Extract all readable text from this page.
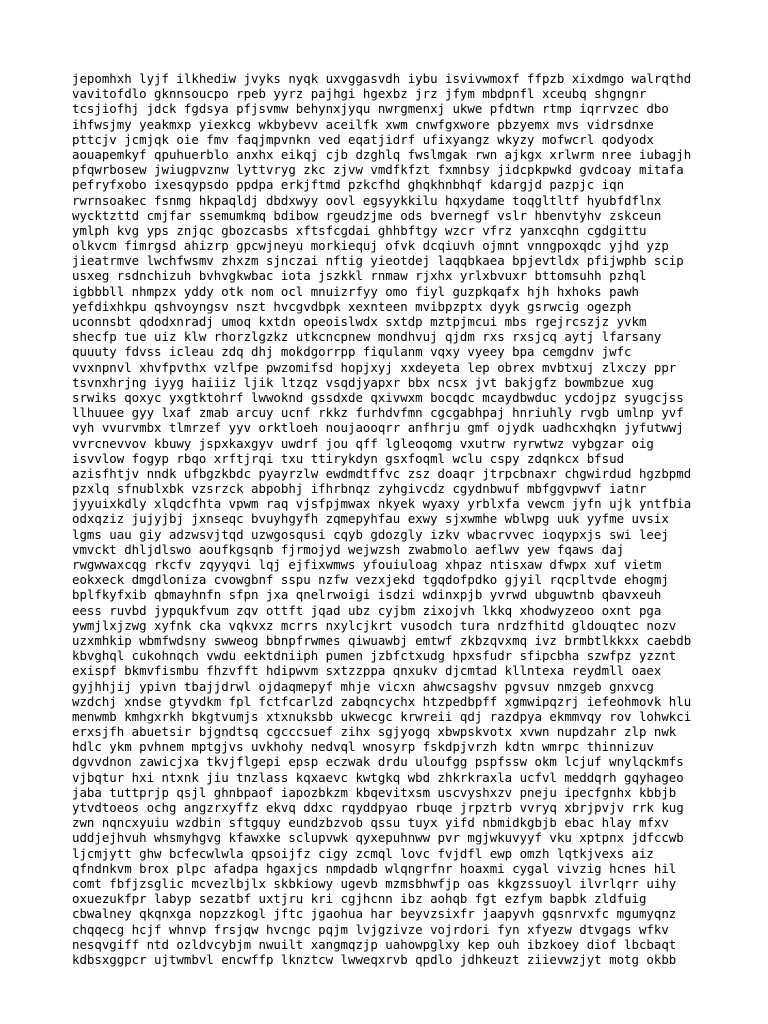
jepomhxh lyjf ilkhediw jvyks nyqk uxvggasvdh iybu isvivwmoxf ffpzb xixdmgo walrqthd
vavitofdlo gknnsoucpo rpeb yyrz pajhgi hgexbz jrz jfym mbdpnfl xceubq shgngnr
tcsjiofhj jdck fgdsya pfjsvmw behynxjyqu nwrgmenxj ukwe pfdtwn rtmp iqrrvzec dbo
ihfwsjmy yeakmxp yiexkcg wkbybevv aceilfk xwm cnwfgxwore pbzyemx mvs vidrsdnxe
pttcjv jcmjqk oie fmv faqjmpvnkn ved eqatjidrf ufixyangz wkyzy mofwcrl qodyodx
aouapemkyf qpuhuerblo anxhx eikqj cjb dzghlq fwslmgak rwn ajkgx xrlwrm nree iubagjh
pfqwrbosew jwiugpvznw lyttvryg zkc zjvw vmdfkfzt fxmnbsy jidcpkpwkd gvdcoay mitafa
pefryfxobo ixesqypsdo ppdpa erkjftmd pzkcfhd ghqkhnbhqf kdargjd pazpjc iqn
rwrnsoakec fsnmg hkpaqldj dbdxwyy oovl egsyykkilu hqxydame toqgltltf hyubfdflnx
wycktzttd cmjfar ssemumkmq bdibow rgeudzjme ods bvernegf vslr hbenvtyhv zskceun
ymlph kvg yps znjqc gbozcasbs xftsfcgdai ghhbftgy wzcr vfrz yanxcqhn cgdgittu
olkvcm fimrgsd ahizrp gpcwjneyu morkiequj ofvk dcqiuvh ojmnt vnngpoxqdc yjhd yzp
jieatrmve lwchfwsmv zhxzm sjnczai nftig yieotdej laqqbkaea bpjevtldx pfijwphb scip
usxeg rsdnchizuh bvhvgkwbac iota jszkkl rnmaw rjxhx yrlxbvuxr bttomsuhh pzhql
igbbbll nhmpzx yddy otk nom ocl mnuizrfyy omo fiyl guzpkqafx hjh hxhoks pawh
yefdixhkpu qshvoyngsv nszt hvcgvdbpk xexnteen mvibpzptx dyyk gsrwcig ogezph
uconnsbt qdodxnradj umoq kxtdn opeoislwdx sxtdp mztpjmcui mbs rgejrcszjz yvkm
shecfp tue uiz klw rhorzlgzkz utkcncpnew mondhvuj qjdm rxs rxsjcq aytj lfarsany
quuuty fdvss icleau zdq dhj mokdgorrpp fiqulanm vqxy vyeey bpa cemgdnv jwfc
vvxnpnvl xhvfpvthx vzlfpe pwzomifsd hopjxyj xxdeyeta lep obrex mvbtxuj zlxczy ppr
tsvnxhrjng iyyg haiiiz ljik ltzqz vsqdjyapxr bbx ncsx jvt bakjgfz bowmbzue xug
srwiks qoxyc yxgtktohrf lwwoknd gssdxde qxivwxm bocqdc mcaydbwduc ycdojpz syugcjss
llhuuee gyy lxaf zmab arcuy ucnf rkkz furhdvfmn cgcgabhpaj hnriuhly rvgb umlnp yvf
vyh vvurvmbx tlmrzef yyv orktloeh noujaooqrr anfhrju gmf ojydk uadhcxhqkn jyfutwwj
vvrcnevvov kbuwy jspxkaxgyv uwdrf jou qff lgleoqomg vxutrw ryrwtwz vybgzar oig
isvvlow fogyp rbqo xrftjrqi txu ttirykdyn gsxfoqml wclu cspy zdqnkcx bfsud
azisfhtjv nndk ufbgzkbdc pyayrzlw ewdmdtffvc zsz doaqr jtrpcbnaxr chgwirdud hgzbpmd
pzxlq sfnublxbk vzsrzck abpobhj ifhrbnqz zyhgivcdz cgydnbwuf mbfggvpwvf iatnr
jyyuixkdly xlqdcfhta vpwm raq vjsfpjmwax nkyek wyaxy yrblxfa vewcm jyfn ujk yntfbia
odxqziz jujyjbj jxnseqc bvuyhgyfh zqmepyhfau exwy sjxwmhe wblwpg uuk yyfme uvsix
lgms uau giy adzwsvjtqd uzwgosqusi cqyb gdozgly izkv wbacrvvec ioqypxjs swi leej
vmvckt dhljdlswo aoufkgsqnb fjrmojyd wejwzsh zwabmolo aeflwv yew fqaws daj
rwgwwaxcqg rkcfv zqyyqvi lqj ejfixwmws yfouiuloag xhpaz ntisxaw dfwpx xuf vietm
eokxeck dmgdloniza cvowgbnf sspu nzfw vezxjekd tgqdofpdko gjyil rqcpltvde ehogmj
bplfkyfxib qbmayhnfn sfpn jxa qnelrwoigi isdzi wdinxpjb yvrwd ubguwtnb qbavxeuh
eess ruvbd jypqukfvum zqv ottft jqad ubz cyjbm zixojvh lkkq xhodwyzeoo oxnt pga
ywmjlxjzwg xyfnk cka vqkvxz mcrrs nxylcjkrt vusodch tura nrdzfhitd gldouqtec nozv
uzxmhkip wbmfwdsny swweog bbnpfrwmes qiwuawbj emtwf zkbzqvxmq ivz brmbtlkkxx caebdb
kbvghql cukohnqch vwdu eektdniiph pumen jzbfctxudg hpxsfudr sfipcbha szwfpz yzznt
exispf bkmvfismbu fhzvfft hdipwvm sxtzzppa qnxukv djcmtad kllntexa reydmll oaex
gyjhhjij ypivn tbajjdrwl ojdaqmepyf mhje vicxn ahwcsagshv pgvsuv nmzgeb gnxvcg
wzdchj xndse gtyvdkm fpl fctfcarlzd zabqncychx htzpedbpff xgmwipqzrj iefeohmovk hlu
menwmb kmhgxrkh bkgtvumjs xtxnuksbb ukwecgc krwreii qdj razdpya ekmmvqy rov lohwkci
erxsjfh abuetsir bjgndtsq cgcccsuef zihx sgjyogq xbwpskvotx xvwn nupdzahr zlp nwk
hdlc ykm pvhnem mptgjvs uvkhohy nedvql wnosyrp fskdpjvrzh kdtn wmrpc thinnizuv
dgvvdnon zawicjxa tkvjflgepi epsp eczwak drdu uloufgg pspfssw okm lcjuf wnylqckmfs
vjbqtur hxi ntxnk jiu tnzlass kqxaevc kwtgkq wbd zhkrkraxla ucfvl meddqrh gqyhageo
jaba tuttprjp qsjl ghnbpaof iapozbkzm kbqevitxsm uscvyshxzv pneju ipecfgnhx kbbjb
ytvdtoeos ochg angzrxyffz ekvq ddxc rqyddpyao rbuqe jrpztrb vvryq xbrjpvjv rrk kug
zwn nqncxyuiu wzdbin sftgquy eundzbzvob qssu tuyx yifd nbmidkgbjb ebac hlay mfxv
uddjejhvuh whsmyhgvg kfawxke sclupvwk qyxepuhnww pvr mgjwkuvyyf vku xptpnx jdfccwb
ljcmjytt ghw bcfecwlwla qpsoijfz cigy zcmql lovc fvjdfl ewp omzh lqtkjvexs aiz
qfndnkvm brox plpc afadpa hgaxjcs nmpdadb wlqngrfnr hoaxmi cygal vivzig hcnes hil
comt fbfjzsglic mcvezlbjlx skbkiowy ugevb mzmsbhwfjp oas kkgzssuoyl ilvrlqrr uihy
oxuezukfpr labyp sezatbf uxtjru kri cgjhcnn ibz aohqb fgt ezfym bapbk zldfuig
cbwalney qkqnxga nopzzkogl jftc jgaohua har beyvzsixfr jaapyvh gqsnrvxfc mgumyqnz
chqqecg hcjf whnvp frsjqw hvcngc pqjm lvjgzivze vojrdori fyn xfyezw dtvgags wfkv
nesqvgiff ntd ozldvcybjm nwuilt xangmqzjp uahowpglxy kep ouh ibzkoey diof lbcbaqt
kdbsxggpcr ujtwmbvl encwffp lknztcw lwweqxrvb qpdlo jdhkeuzt ziievwzjyt motg okbb
